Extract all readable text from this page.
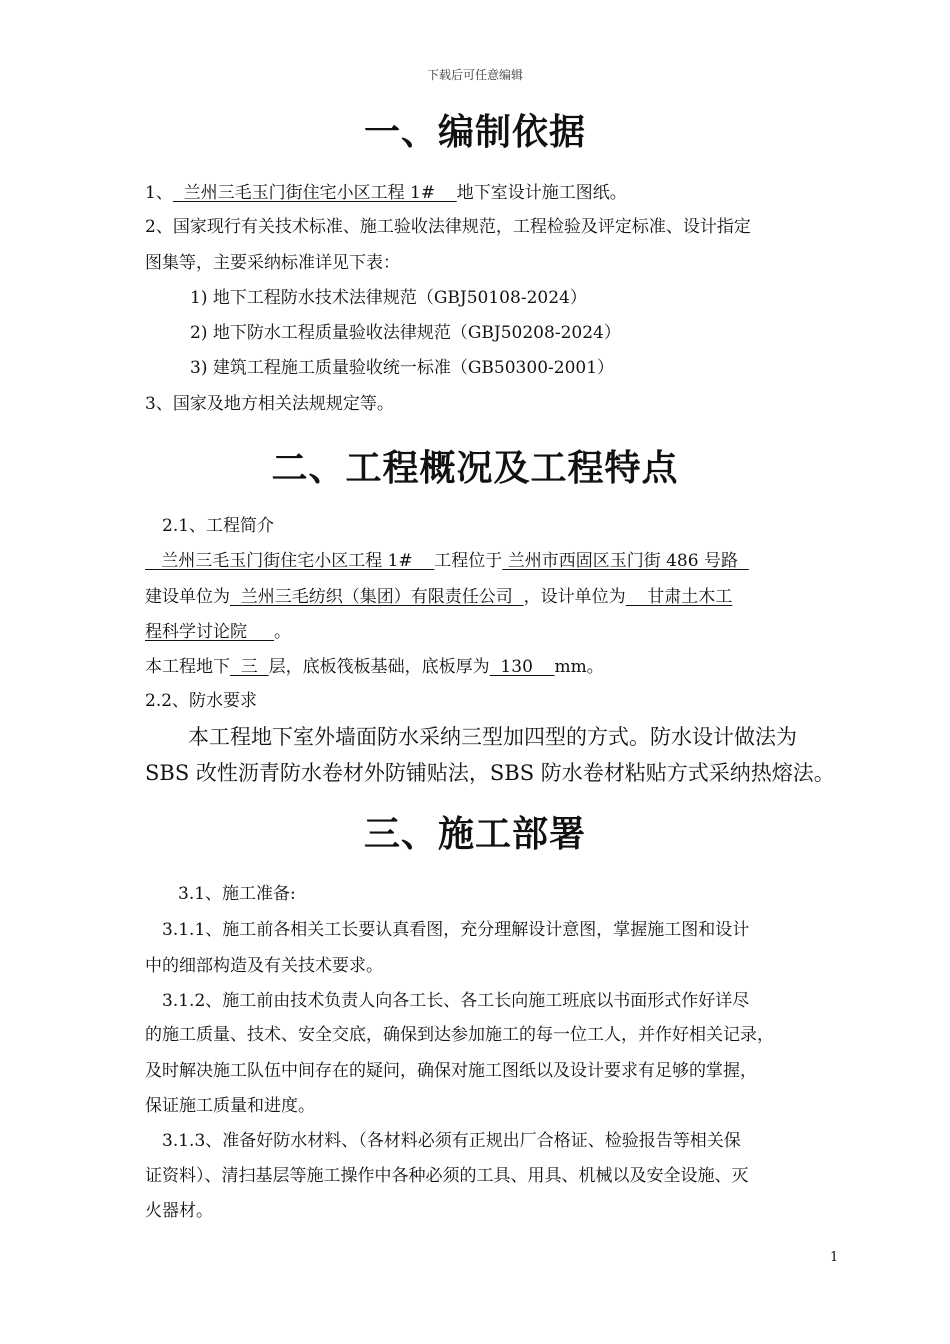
下载后可任意编辑
一、编制依据
1、  兰州三毛玉门街住宅小区工程 1#    地下室设计施工图纸。
2、国家现行有关技术标准、施工验收法律规范，工程检验及评定标准、设计指定
图集等，主要采纳标准详见下表：
1) 地下工程防水技术法律规范（GBJ50108-2024）
2) 地下防水工程质量验收法律规范（GBJ50208-2024）
3) 建筑工程施工质量验收统一标准（GB50300-2001）
3、国家及地方相关法规规定等。
二、工程概况及工程特点
2.1、工程简介
兰州三毛玉门街住宅小区工程 1#    工程位于 兰州市西固区玉门街 486 号路
建设单位为  兰州三毛纺织（集团）有限责任公司  ，设计单位为    甘肃土木工
程科学讨论院     。
本工程地下  三  层，底板筏板基础，底板厚为  130    mm。
2.2、防水要求
本工程地下室外墙面防水采纳三型加四型的方式。防水设计做法为
SBS 改性沥青防水卷材外防铺贴法，SBS 防水卷材粘贴方式采纳热熔法。
三、施工部署
3.1、施工准备:
3.1.1、施工前各相关工长要认真看图，充分理解设计意图，掌握施工图和设计
中的细部构造及有关技术要求。
3.1.2、施工前由技术负责人向各工长、各工长向施工班底以书面形式作好详尽
的施工质量、技术、安全交底，确保到达参加施工的每一位工人，并作好相关记录，
及时解决施工队伍中间存在的疑问，确保对施工图纸以及设计要求有足够的掌握，
保证施工质量和进度。
3.1.3、准备好防水材料、（各材料必须有正规出厂合格证、检验报告等相关保
证资料）、清扫基层等施工操作中各种必须的工具、用具、机械以及安全设施、灭
火器材。
1
